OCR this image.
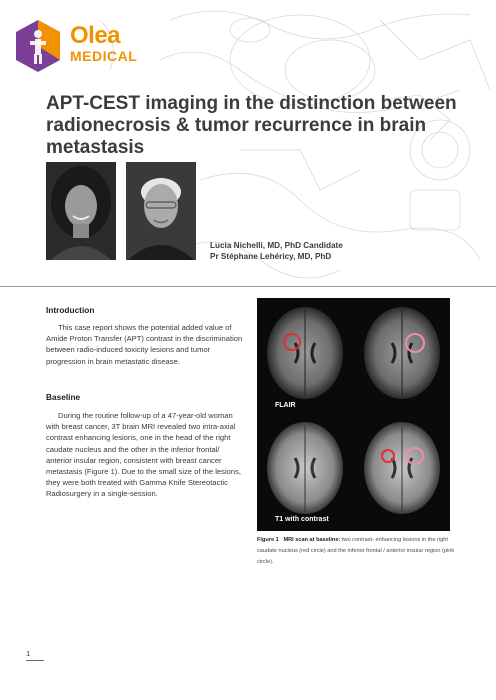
Olea
MEDICAL
APT-CEST imaging in the distinction between radionecrosis & tumor recurrence in brain metastasis
Lucia Nichelli, MD, PhD Candidate
Pr Stéphane Lehéricy, MD, PhD
Introduction

This case report shows the potential added value of Amide Proton Transfer (APT) contrast in the discrimination between radio-induced toxicity lesions and tumor progression in brain metastatic disease.

Baseline

During the routine follow-up of a 47-year-old woman with breast cancer, 3T brain MRI revealed two intra-axial contrast enhancing lesions, one in the head of the right caudate nucleus and the other in the inferior frontal/ anterior insular region, consistent with breast cancer metastasis (Figure 1). Due to the small size of the lesions, they were both treated with Gamma Knife Stereotactic Radiosurgery in a single-session.

FLAIR
T1 with contrast
Figure 1 MRI scan at baseline: two contrast- enhancing lesions in the right caudate nucleus (red circle) and the inferior frontal / anterior insular region (pink circle).
1
